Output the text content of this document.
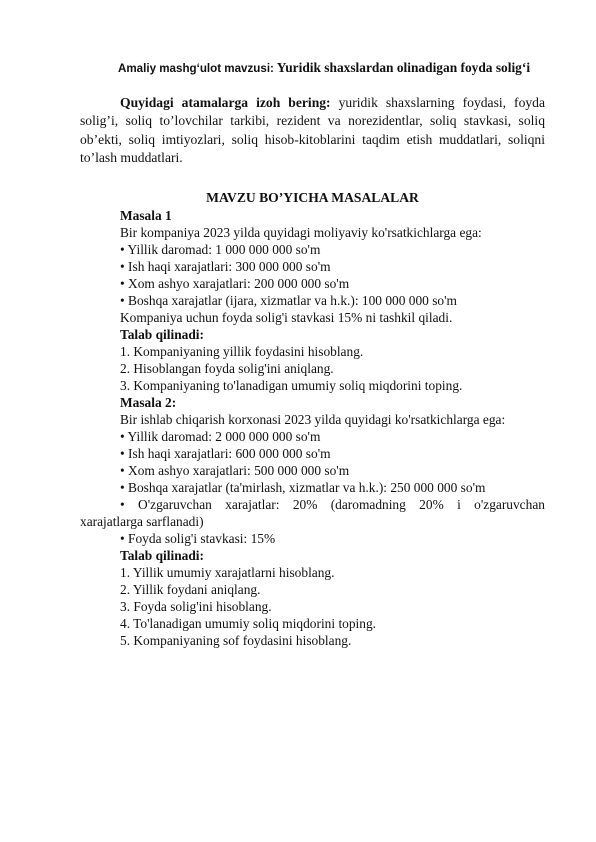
Amaliy mashg‘ulot mavzusi: Yuridik shaxslardan olinadigan foyda solig‘i

Quyidagi atamalarga izoh bering: yuridik shaxslarning foydasi, foyda solig’i, soliq to’lovchilar tarkibi, rezident va norezidentlar, soliq stavkasi, soliq ob’ekti, soliq imtiyozlari, soliq hisob-kitoblarini taqdim etish muddatlari, soliqni to’lash muddatlari.

MAVZU BO’YICHA MASALALAR
Masala 1
Bir kompaniya 2023 yilda quyidagi moliyaviy ko'rsatkichlarga ega:
• Yillik daromad: 1 000 000 000 so'm
• Ish haqi xarajatlari: 300 000 000 so'm
• Xom ashyo xarajatlari: 200 000 000 so'm
• Boshqa xarajatlar (ijara, xizmatlar va h.k.): 100 000 000 so'm
Kompaniya uchun foyda solig'i stavkasi 15% ni tashkil qiladi.
Talab qilinadi:
1. Kompaniyaning yillik foydasini hisoblang.
2. Hisoblangan foyda solig'ini aniqlang.
3. Kompaniyaning to'lanadigan umumiy soliq miqdorini toping.
Masala 2:
Bir ishlab chiqarish korxonasi 2023 yilda quyidagi ko'rsatkichlarga ega:
• Yillik daromad: 2 000 000 000 so'm
• Ish haqi xarajatlari: 600 000 000 so'm
• Xom ashyo xarajatlari: 500 000 000 so'm
• Boshqa xarajatlar (ta'mirlash, xizmatlar va h.k.): 250 000 000 so'm
• O'zgaruvchan xarajatlar: 20% (daromadning 20% i o'zgaruvchan
xarajatlarga sarflanadi)
• Foyda solig'i stavkasi: 15%
Talab qilinadi:
1. Yillik umumiy xarajatlarni hisoblang.
2. Yillik foydani aniqlang.
3. Foyda solig'ini hisoblang.
4. To'lanadigan umumiy soliq miqdorini toping.
5. Kompaniyaning sof foydasini hisoblang.
